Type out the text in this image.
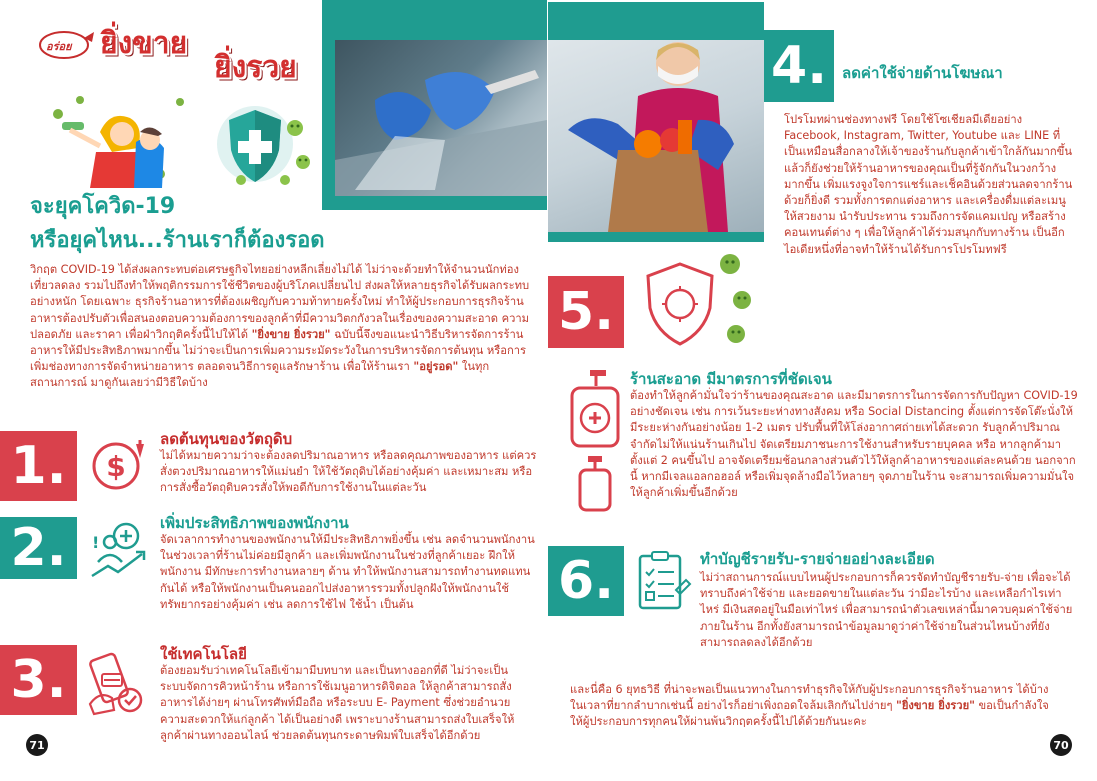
อร่อย ยิ่งขาย
ยิ่งรวย
จะยุคโควิด-19
หรือยุคไหน...ร้านเราก็ต้องรอด
วิกฤต COVID-19 ได้ส่งผลกระทบต่อเศรษฐกิจไทยอย่างหลีกเลี่ยงไม่ได้ ไม่ว่าจะด้วยทำให้จำนวนนักท่องเที่ยวลดลง รวมไปถึงทำให้พฤติกรรมการใช้ชีวิตของผู้บริโภคเปลี่ยนไป ส่งผลให้หลายธุรกิจได้รับผลกระทบอย่างหนัก โดยเฉพาะ ธุรกิจร้านอาหารที่ต้องเผชิญกับความท้าทายครั้งใหม่ ทำให้ผู้ประกอบการธุรกิจร้านอาหารต้องปรับตัวเพื่อสนองตอบความต้องการของลูกค้าที่มีความวิตกกังวลในเรื่องของความสะอาด ความปลอดภัย และราคา เพื่อฝ่าวิกฤติครั้งนี้ไปให้ได้ "ยิ่งขาย ยิ่งรวย" ฉบับนี้จึงขอแนะนำวิธีบริหารจัดการร้านอาหารให้มีประสิทธิภาพมากขึ้น ไม่ว่าจะเป็นการเพิ่มความระมัดระวังในการบริหารจัดการต้นทุน หรือการเพิ่มช่องทางการจัดจำหน่ายอาหาร ตลอดจนวิธีการดูแลรักษาร้าน เพื่อให้ร้านเรา "อยู่รอด" ในทุกสถานการณ์ มาดูกันเลยว่ามีวิธีใดบ้าง
1.	$
ลดต้นทุนของวัตถุดิบ
ไม่ได้หมายความว่าจะต้องลดปริมาณอาหาร หรือลดคุณภาพของอาหาร แต่ควรสั่งตวงปริมาณอาหารให้แม่นยำ ให้ใช้วัตถุดิบได้อย่างคุ้มค่า และเหมาะสม หรือการสั่งซื้อวัตถุดิบควรสั่งให้พอดีกับการใช้งานในแต่ละวัน
2.	!
เพิ่มประสิทธิภาพของพนักงาน
จัดเวลาการทำงานของพนักงานให้มีประสิทธิภาพยิ่งขึ้น เช่น ลดจำนวนพนักงานในช่วงเวลาที่ร้านไม่ค่อยมีลูกค้า และเพิ่มพนักงานในช่วงที่ลูกค้าเยอะ ฝึกให้พนักงาน มีทักษะการทำงานหลายๆ ด้าน ทำให้พนักงานสามารถทำงานทดแทนกันได้ หรือให้พนักงานเป็นคนออกไปส่งอาหารรวมทั้งปลูกฝังให้พนักงานใช้ทรัพยากรอย่างคุ้มค่า เช่น ลดการใช้ไฟ ใช้น้ำ เป็นต้น
3.	ใช้เทคโนโลยี
ต้องยอมรับว่าเทคโนโลยีเข้ามามีบทบาท และเป็นทางออกที่ดี ไม่ว่าจะเป็นระบบจัดการคิวหน้าร้าน หรือการใช้เมนูอาหารดิจิตอล ให้ลูกค้าสามารถสั่งอาหารได้ง่ายๆ ผ่านโทรศัพท์มือถือ หรือระบบ E- Payment ซึ่งช่วยอำนวยความสะดวกให้แก่ลูกค้า ได้เป็นอย่างดี เพราะบางร้านสามารถส่งใบเสร็จให้ลูกค้าผ่านทางออนไลน์ ช่วยลดต้นทุนกระดาษพิมพ์ใบเสร็จได้อีกด้วย
71
4.	ลดค่าใช้จ่ายด้านโฆษณา
โปรโมทผ่านช่องทางฟรี โดยใช้โซเชียลมีเดียอย่าง Facebook, Instagram, Twitter, Youtube และ LINE ที่เป็นเหมือนสื่อกลางให้เจ้าของร้านกับลูกค้าเข้าใกล้กันมากขึ้น แล้วก็ยังช่วยให้ร้านอาหารของคุณเป็นที่รู้จักกันในวงกว้างมากขึ้น เพิ่มแรงจูงใจการแชร์และเช็คอินด้วยส่วนลดจากร้านด้วยก็ยิ่งดี รวมทั้งการตกแต่งอาหาร และเครื่องดื่มแต่ละเมนูให้สวยงาม นำรับประทาน รวมถึงการจัดแคมเปญ หรือสร้างคอนเทนต์ต่าง ๆ เพื่อให้ลูกค้าได้ร่วมสนุกกับทางร้าน เป็นอีกไอเดียหนึ่งที่อาจทำให้ร้านได้รับการโปรโมทฟรี
5.
ร้านสะอาด มีมาตรการที่ชัดเจน
ต้องทำให้ลูกค้ามั่นใจว่าร้านของคุณสะอาด และมีมาตรการในการจัดการกับปัญหา COVID-19 อย่างชัดเจน เช่น การเว้นระยะห่างทางสังคม หรือ Social Distancing ตั้งแต่การจัดโต๊ะนั่งให้มีระยะห่างกันอย่างน้อย 1-2 เมตร ปรับพื้นที่ให้โล่งอากาศถ่ายเทได้สะดวก รับลูกค้าปริมาณจำกัดไม่ให้แน่นร้านเกินไป จัดเตรียมภาชนะการใช้งานสำหรับรายบุคคล หรือ หากลูกค้ามาตั้งแต่ 2 คนขึ้นไป อาจจัดเตรียมช้อนกลางส่วนตัวไว้ให้ลูกค้าอาหารของแต่ละคนด้วย นอกจากนี้ หากมีเจลแอลกอฮอล์ หรือเพิ่มจุดล้างมือไว้หลายๆ จุดภายในร้าน จะสามารถเพิ่มความมั่นใจให้ลูกค้าเพิ่มขึ้นอีกด้วย
6.	ทำบัญชีรายรับ-รายจ่ายอย่างละเอียด
ไม่ว่าสถานการณ์แบบไหนผู้ประกอบการก็ควรจัดทำบัญชีรายรับ-จ่าย เพื่อจะได้ทราบถึงค่าใช้จ่าย และยอดขายในแต่ละวัน ว่ามีอะไรบ้าง และเหลือกำไรเท่าไหร่ มีเงินสดอยู่ในมือเท่าไหร่ เพื่อสามารถนำตัวเลขเหล่านี้มาควบคุมค่าใช้จ่ายภายในร้าน อีกทั้งยังสามารถนำข้อมูลมาดูว่าค่าใช้จ่ายในส่วนไหนบ้างที่ยังสามารถลดลงได้อีกด้วย
และนี่คือ 6 ยุทธวิธี ที่น่าจะพอเป็นแนวทางในการทำธุรกิจให้กับผู้ประกอบการธุรกิจร้านอาหาร ได้บ้างในเวลาที่ยากลำบากเช่นนี้ อย่างไรก็อย่าเพิ่งถอดใจล้มเลิกกันไปง่ายๆ "ยิ่งขาย ยิ่งรวย" ขอเป็นกำลังใจให้ผู้ประกอบการทุกคนให้ผ่านพ้นวิกฤตครั้งนี้ไปได้ด้วยกันนะคะ
70
